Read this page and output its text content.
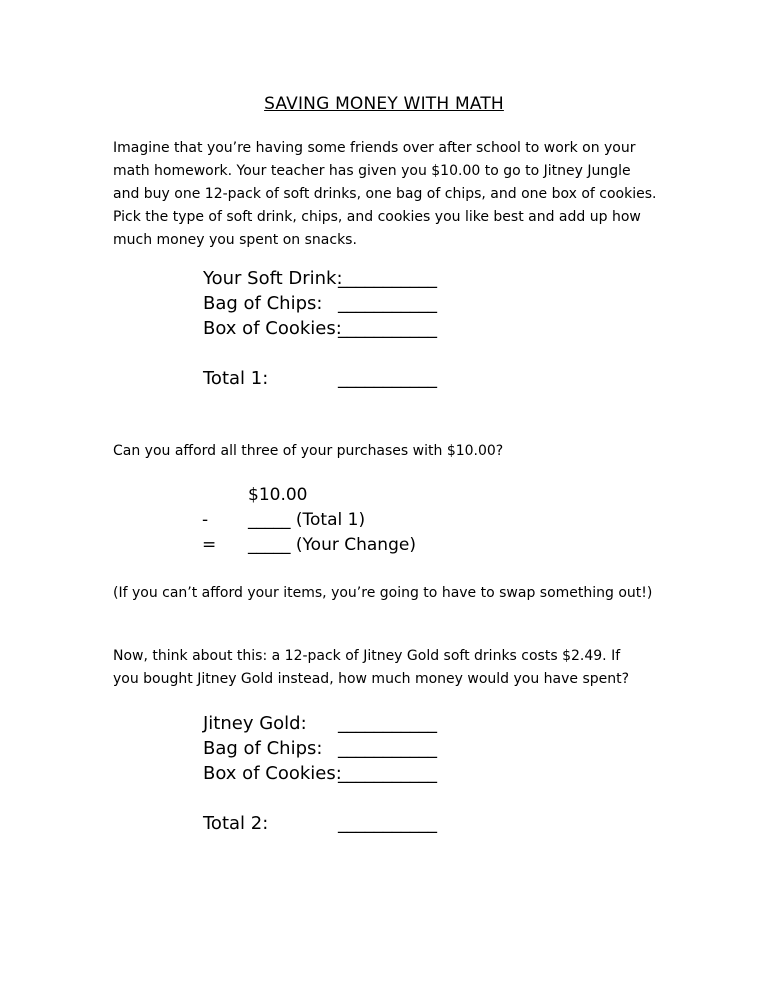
SAVING MONEY WITH MATH
Imagine that you’re having some friends over after school to work on your
math homework. Your teacher has given you $10.00 to go to Jitney Jungle
and buy one 12-pack of soft drinks, one bag of chips, and one box of cookies.
Pick the type of soft drink, chips, and cookies you like best and add up how
much money you spent on snacks.
Your Soft Drink:
___________
Bag of Chips: ___________
Box of Cookies:
___________
Total 1:	___________
Can you afford all three of your purchases with $10.00?
$10.00
- _____ (Total 1)
= _____ (Your Change)
(If you can’t afford your items, you’re going to have to swap something out!)
Now, think about this: a 12-pack of Jitney Gold soft drinks costs $2.49. If
you bought Jitney Gold instead, how much money would you have spent?
Jitney Gold: ___________
Bag of Chips: ___________
Box of Cookies:
___________
Total 2:	___________
